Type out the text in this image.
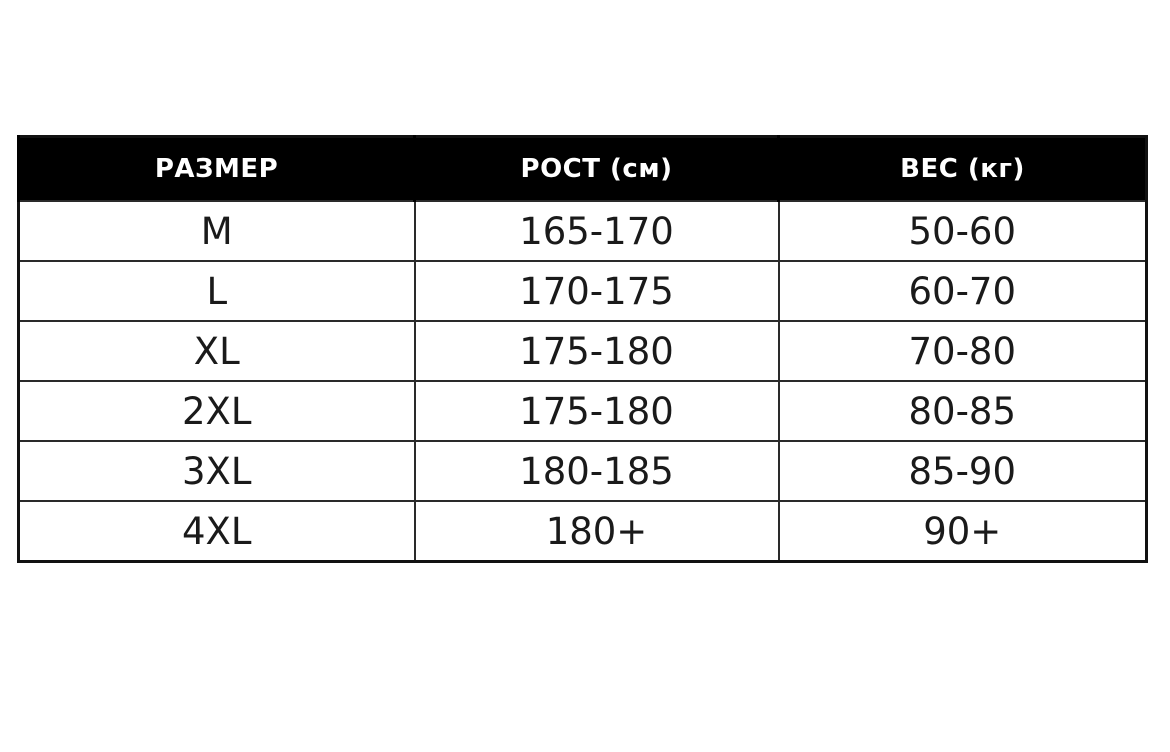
РАЗМЕР	РОСТ (см)	ВЕС (кг)
M	165-170	50-60
L	170-175	60-70
XL	175-180	70-80
2XL	175-180	80-85
3XL	180-185	85-90
4XL	180+	90+
